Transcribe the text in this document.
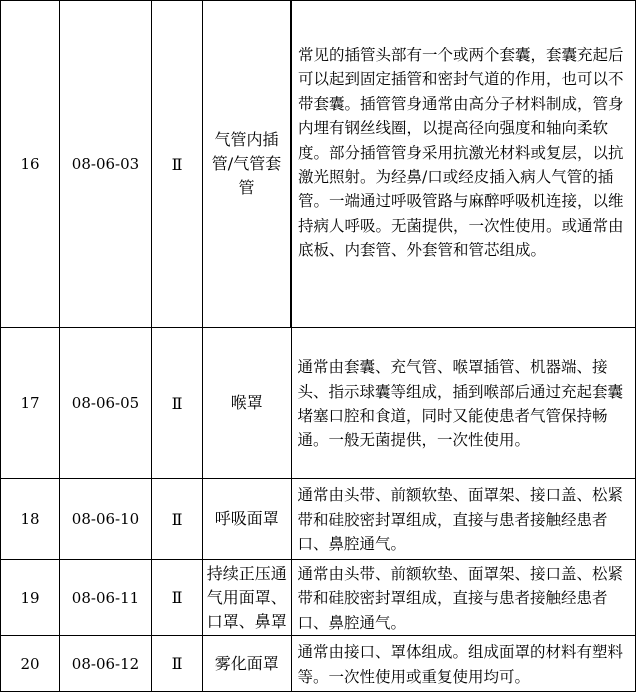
16	08-06-03	Ⅱ	气管内插管/气管套管	常见的插管头部有一个或两个套囊，套囊充起后可以起到固定插管和密封气道的作用，也可以不带套囊。插管管身通常由高分子材料制成，管身内埋有钢丝线圈，以提高径向强度和轴向柔软度。部分插管管身采用抗激光材料或复层，以抗激光照射。为经鼻/口或经皮插入病人气管的插管。一端通过呼吸管路与麻醉呼吸机连接，以维持病人呼吸。无菌提供，一次性使用。或通常由底板、内套管、外套管和管芯组成。

17	08-06-05	Ⅱ	喉罩	通常由套囊、充气管、喉罩插管、机器端、接头、指示球囊等组成，插到喉部后通过充起套囊堵塞口腔和食道，同时又能使患者气管保持畅通。一般无菌提供，一次性使用。

18	08-06-10	Ⅱ	呼吸面罩	通常由头带、前额软垫、面罩架、接口盖、松紧带和硅胶密封罩组成，直接与患者接触经患者口、鼻腔通气。

19	08-06-11	Ⅱ	持续正压通气用面罩、口罩、鼻罩	通常由头带、前额软垫、面罩架、接口盖、松紧带和硅胶密封罩组成，直接与患者接触经患者口、鼻腔通气。

20	08-06-12	Ⅱ	雾化面罩	通常由接口、罩体组成。组成面罩的材料有塑料等。一次性使用或重复使用均可。
